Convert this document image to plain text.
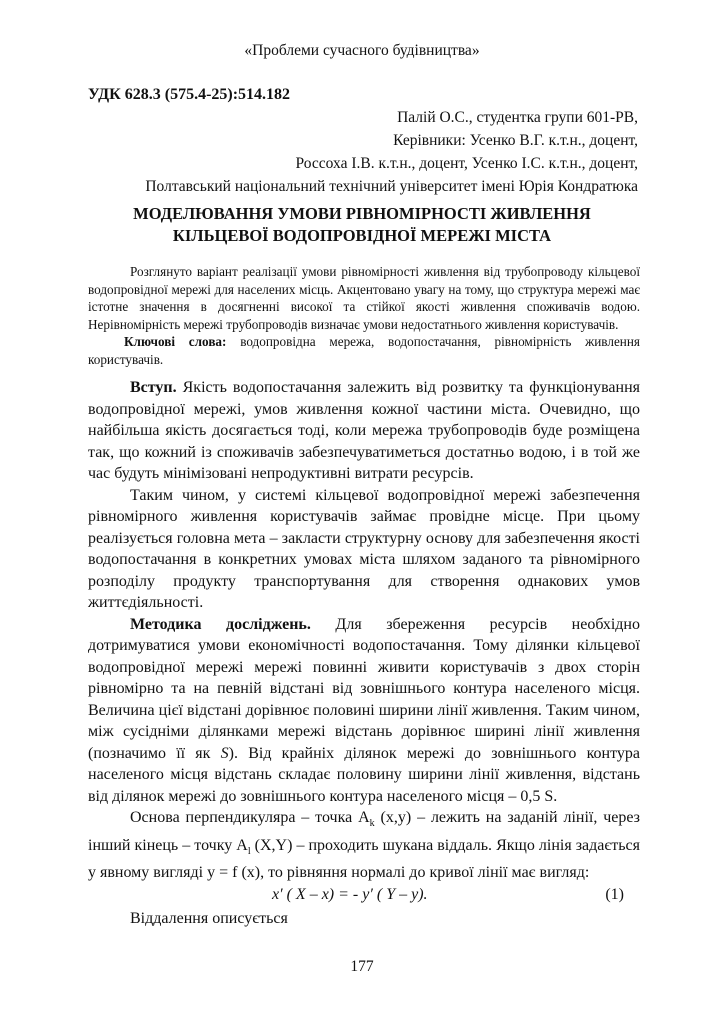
«Проблеми сучасного будівництва»
УДК 628.3 (575.4-25):514.182
Палій О.С., студентка групи 601-РВ,
Керівники: Усенко В.Г. к.т.н., доцент,
Россоха І.В. к.т.н., доцент, Усенко І.С. к.т.н., доцент,
Полтавський національний технічний університет імені Юрія Кондратюка
МОДЕЛЮВАННЯ УМОВИ РІВНОМІРНОСТІ ЖИВЛЕННЯ
КІЛЬЦЕВОЇ ВОДОПРОВІДНОЇ МЕРЕЖІ МІСТА

Розглянуто варіант реалізації умови рівномірності живлення від трубопроводу кільцевої водопровідної мережі для населених місць. Акцентовано увагу на тому, що структура мережі має істотне значення в досягненні високої та стійкої якості живлення споживачів водою. Нерівномірність мережі трубопроводів визначає умови недостатнього живлення користувачів.

Ключові слова: водопровідна мережа, водопостачання, рівномірність живлення користувачів.

Вступ. Якість водопостачання залежить від розвитку та функціонування водопровідної мережі, умов живлення кожної частини міста. Очевидно, що найбільша якість досягається тоді, коли мережа трубопроводів буде розміщена так, що кожний із споживачів забезпечуватиметься достатньо водою, і в той же час будуть мінімізовані непродуктивні витрати ресурсів.

Таким чином, у системі кільцевої водопровідної мережі забезпечення рівномірного живлення користувачів займає провідне місце. При цьому реалізується головна мета – закласти структурну основу для забезпечення якості водопостачання в конкретних умовах міста шляхом заданого та рівномірного розподілу продукту транспортування для створення однакових умов життєдіяльності.

Методика досліджень. Для збереження ресурсів необхідно дотримуватися умови економічності водопостачання. Тому ділянки кільцевої водопровідної мережі мережі повинні живити користувачів з двох сторін рівномірно та на певній відстані від зовнішнього контура населеного місця. Величина цієї відстані дорівнює половині ширини лінії живлення. Таким чином, між сусідніми ділянками мережі відстань дорівнює ширині лінії живлення (позначимо її як S). Від крайніх ділянок мережі до зовнішнього контура населеного місця відстань складає половину ширини лінії живлення, відстань від ділянок мережі до зовнішнього контура населеного місця – 0,5 S.

Основа перпендикуляра – точка $A_k$ (x,y) – лежить на заданій лінії, через інший кінець – точку $A_l$ (X,Y) – проходить шукана віддаль. Якщо лінія задається у явному вигляді y = f (x), то рівняння нормалі до кривої лінії має вигляд:

x′ ( X – x) = - y′ ( Y – y).	(1)

Віддалення описується

177
